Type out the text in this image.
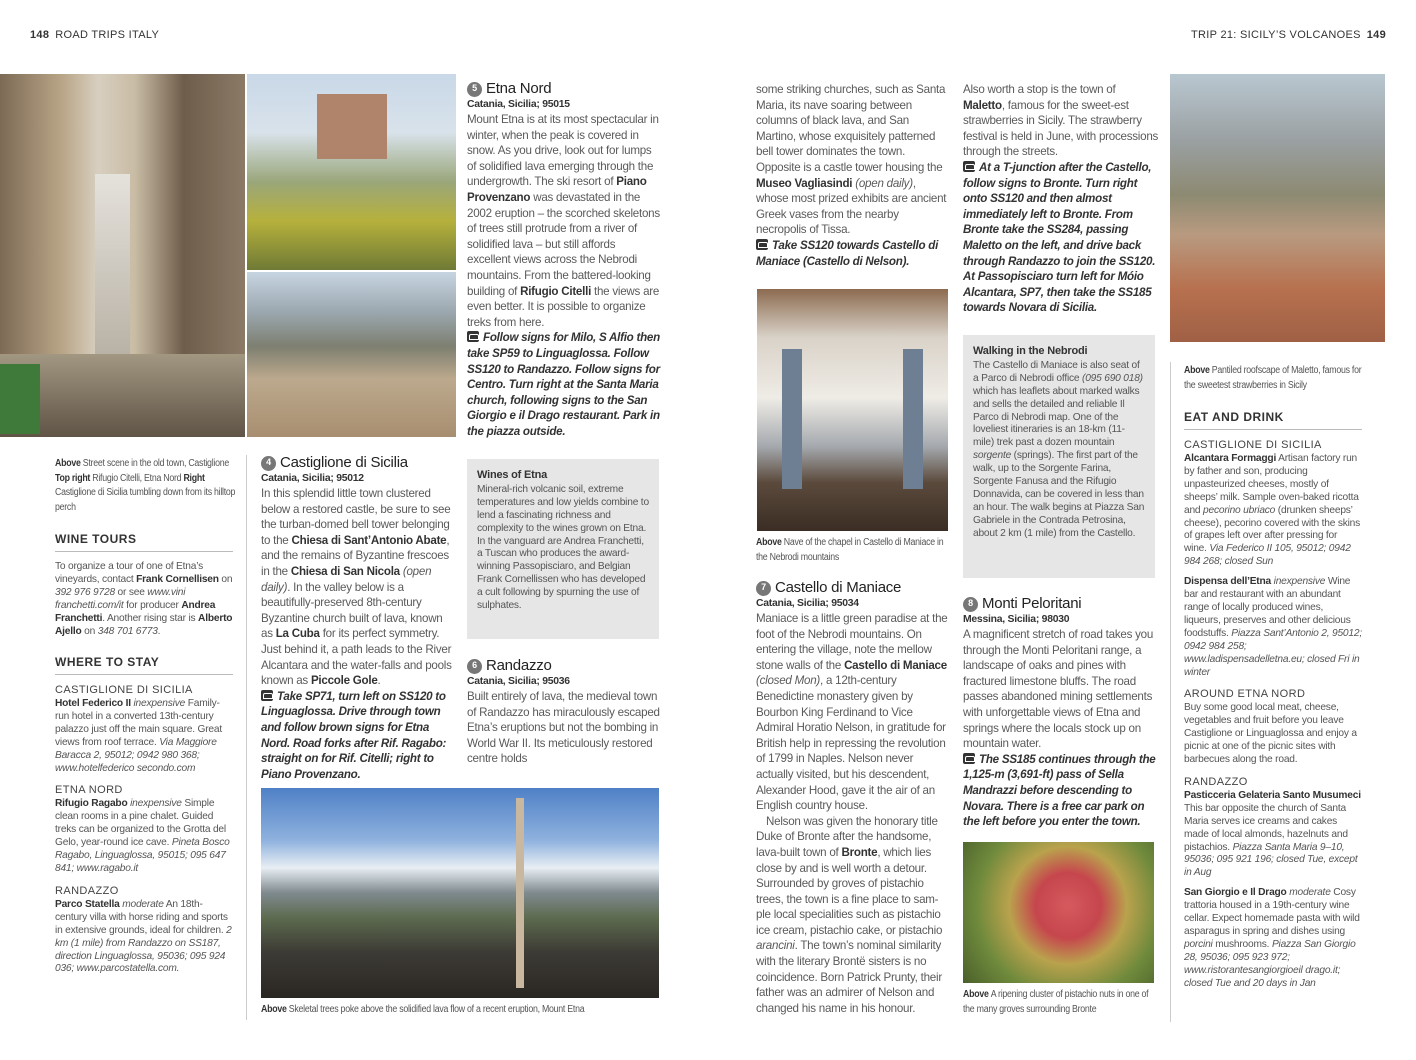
148 ROAD TRIPS ITALY	TRIP 21: SICILY’S VOLCANOES 149
Above Street scene in the old town, Castiglione Top right Rifugio Citelli, Etna Nord Right Castiglione di Sicilia tumbling down from its hilltop perch
WINE TOURS
To organize a tour of one of Etna’s vineyards, contact Frank Cornellisen on 392 976 9728 or see www.vini franchetti.com/it for producer Andrea Franchetti. Another rising star is Alberto Ajello on 348 701 6773.
WHERE TO STAY
CASTIGLIONE DI SICILIA
Hotel Federico II inexpensive Family-run hotel in a converted 13th-century palazzo just off the main square. Great views from roof terrace. Via Maggiore Baracca 2, 95012; 0942 980 368; www.hotelfederico secondo.com
ETNA NORD
Rifugio Ragabo inexpensive Simple clean rooms in a pine chalet. Guided treks can be organized to the Grotta del Gelo, year-round ice cave. Pineta Bosco Ragabo, Linguaglossa, 95015; 095 647 841; www.ragabo.it
RANDAZZO
Parco Statella moderate An 18th-century villa with horse riding and sports in extensive grounds, ideal for children. 2 km (1 mile) from Randazzo on SS187, direction Linguaglossa, 95036; 095 924 036; www.parcostatella.com.
4 Castiglione di Sicilia
Catania, Sicilia; 95012
In this splendid little town clustered below a restored castle, be sure to see the turban-domed bell tower belonging to the Chiesa di Sant’Antonio Abate, and the remains of Byzantine frescoes in the Chiesa di San Nicola (open daily). In the valley below is a beautifully-preserved 8th-century Byzantine church built of lava, known as La Cuba for its perfect symmetry. Just behind it, a path leads to the River Alcantara and the water-falls and pools known as Piccole Gole.
Take SP71, turn left on SS120 to Linguaglossa. Drive through town and follow brown signs for Etna Nord. Road forks after Rif. Ragabo: straight on for Rif. Citelli; right to Piano Provenzano.
5 Etna Nord
Catania, Sicilia; 95015
Mount Etna is at its most spectacular in winter, when the peak is covered in snow. As you drive, look out for lumps of solidified lava emerging through the undergrowth. The ski resort of Piano Provenzano was devastated in the 2002 eruption – the scorched skeletons of trees still protrude from a river of solidified lava – but still affords excellent views across the Nebrodi mountains. From the battered-looking building of Rifugio Citelli the views are even better. It is possible to organize treks from here.
Follow signs for Milo, S Alfio then take SP59 to Linguaglossa. Follow SS120 to Randazzo. Follow signs for Centro. Turn right at the Santa Maria church, following signs to the San Giorgio e il Drago restaurant. Park in the piazza outside.
Wines of Etna
Mineral-rich volcanic soil, extreme temperatures and low yields combine to lend a fascinating richness and complexity to the wines grown on Etna. In the vanguard are Andrea Franchetti, a Tuscan who produces the award-winning Passopisciaro, and Belgian Frank Cornellissen who has developed a cult following by spurning the use of sulphates.
6 Randazzo
Catania, Sicilia; 95036
Built entirely of lava, the medieval town of Randazzo has miraculously escaped Etna’s eruptions but not the bombing in World War II. Its meticulously restored centre holds
Above Skeletal trees poke above the solidified lava flow of a recent eruption, Mount Etna
some striking churches, such as Santa Maria, its nave soaring between columns of black lava, and San Martino, whose exquisitely patterned bell tower dominates the town. Opposite is a castle tower housing the Museo Vagliasindi (open daily), whose most prized exhibits are ancient Greek vases from the nearby necropolis of Tissa.
Take SS120 towards Castello di Maniace (Castello di Nelson).
Above Nave of the chapel in Castello di Maniace in the Nebrodi mountains
7 Castello di Maniace
Catania, Sicilia; 95034
Maniace is a little green paradise at the foot of the Nebrodi mountains. On entering the village, note the mellow stone walls of the Castello di Maniace (closed Mon), a 12th-century Benedictine monastery given by Bourbon King Ferdinand to Vice Admiral Horatio Nelson, in gratitude for British help in repressing the revolution of 1799 in Naples. Nelson never actually visited, but his descendent, Alexander Hood, gave it the air of an English country house.
Nelson was given the honorary title Duke of Bronte after the handsome, lava-built town of Bronte, which lies close by and is well worth a detour. Surrounded by groves of pistachio trees, the town is a fine place to sam-ple local specialities such as pistachio ice cream, pistachio cake, or pistachio arancini. The town’s nominal similarity with the literary Brontë sisters is no coincidence. Born Patrick Prunty, their father was an admirer of Nelson and changed his name in his honour.
Also worth a stop is the town of Maletto, famous for the sweet-est strawberries in Sicily. The strawberry festival is held in June, with processions through the streets.
At a T-junction after the Castello, follow signs to Bronte. Turn right onto SS120 and then almost immediately left to Bronte. From Bronte take the SS284, passing Maletto on the left, and drive back through Randazzo to join the SS120. At Passopisciaro turn left for Móio Alcantara, SP7, then take the SS185 towards Novara di Sicilia.
Walking in the Nebrodi
The Castello di Maniace is also seat of a Parco di Nebrodi office (095 690 018) which has leaflets about marked walks and sells the detailed and reliable Il Parco di Nebrodi map. One of the loveliest itineraries is an 18-km (11-mile) trek past a dozen mountain sorgente (springs). The first part of the walk, up to the Sorgente Farina, Sorgente Fanusa and the Rifugio Donnavida, can be covered in less than an hour. The walk begins at Piazza San Gabriele in the Contrada Petrosina, about 2 km (1 mile) from the Castello.
8 Monti Peloritani
Messina, Sicilia; 98030
A magnificent stretch of road takes you through the Monti Peloritani range, a landscape of oaks and pines with fractured limestone bluffs. The road passes abandoned mining settlements with unforgettable views of Etna and springs where the locals stock up on mountain water.
The SS185 continues through the 1,125-m (3,691-ft) pass of Sella Mandrazzi before descending to Novara. There is a free car park on the left before you enter the town.
Above A ripening cluster of pistachio nuts in one of the many groves surrounding Bronte
Above Pantiled roofscape of Maletto, famous for the sweetest strawberries in Sicily
EAT AND DRINK
CASTIGLIONE DI SICILIA
Alcantara Formaggi Artisan factory run by father and son, producing unpasteurized cheeses, mostly of sheeps’ milk. Sample oven-baked ricotta and pecorino ubriaco (drunken sheeps’ cheese), pecorino covered with the skins of grapes left over after pressing for wine. Via Federico II 105, 95012; 0942 984 268; closed Sun
Dispensa dell’Etna inexpensive Wine bar and restaurant with an abundant range of locally produced wines, liqueurs, preserves and other delicious foodstuffs. Piazza Sant’Antonio 2, 95012; 0942 984 258; www.ladispensadelletna.eu; closed Fri in winter
AROUND ETNA NORD
Buy some good local meat, cheese, vegetables and fruit before you leave Castiglione or Linguaglossa and enjoy a picnic at one of the picnic sites with barbecues along the road.
RANDAZZO
Pasticceria Gelateria Santo Musumeci This bar opposite the church of Santa Maria serves ice creams and cakes made of local almonds, hazelnuts and pistachios. Piazza Santa Maria 9–10, 95036; 095 921 196; closed Tue, except in Aug
San Giorgio e Il Drago moderate Cosy trattoria housed in a 19th-century wine cellar. Expect homemade pasta with wild asparagus in spring and dishes using porcini mushrooms. Piazza San Giorgio 28, 95036; 095 923 972; www.ristorantesangiorgioeil drago.it; closed Tue and 20 days in Jan
